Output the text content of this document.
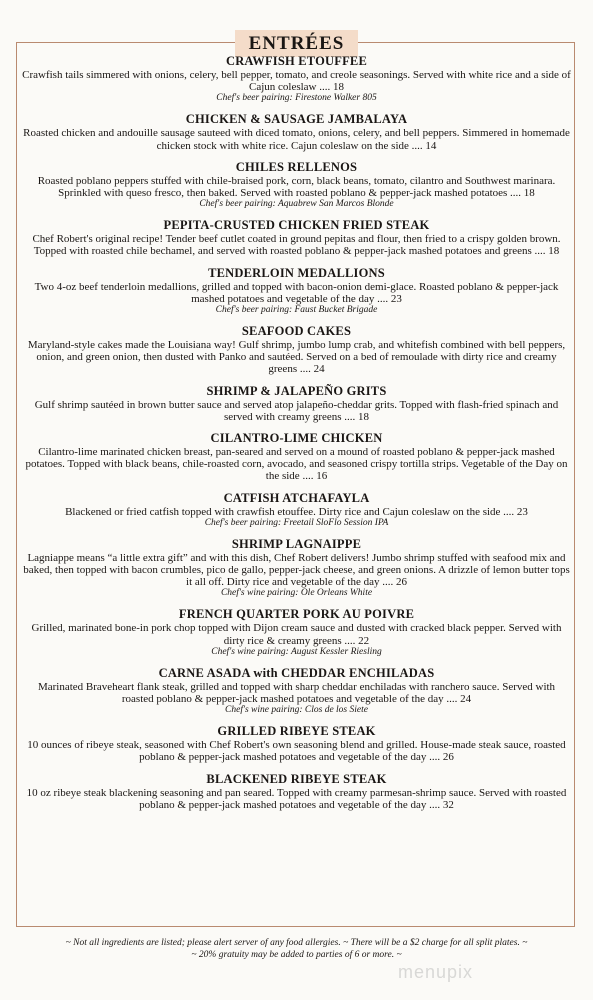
ENTRÉES
CRAWFISH ETOUFFEE
Crawfish tails simmered with onions, celery, bell pepper, tomato, and creole seasonings. Served with white rice and a side of Cajun coleslaw .... 18
Chef's beer pairing: Firestone Walker 805
CHICKEN & SAUSAGE JAMBALAYA
Roasted chicken and andouille sausage sauteed with diced tomato, onions, celery, and bell peppers. Simmered in homemade chicken stock with white rice. Cajun coleslaw on the side .... 14
CHILES RELLENOS
Roasted poblano peppers stuffed with chile-braised pork, corn, black beans, tomato, cilantro and Southwest marinara. Sprinkled with queso fresco, then baked. Served with roasted poblano & pepper-jack mashed potatoes .... 18
Chef's beer pairing: Aquabrew San Marcos Blonde
PEPITA-CRUSTED CHICKEN FRIED STEAK
Chef Robert's original recipe! Tender beef cutlet coated in ground pepitas and flour, then fried to a crispy golden brown. Topped with roasted chile bechamel, and served with roasted poblano & pepper-jack mashed potatoes and greens .... 18
TENDERLOIN MEDALLIONS
Two 4-oz beef tenderloin medallions, grilled and topped with bacon-onion demi-glace. Roasted poblano & pepper-jack mashed potatoes and vegetable of the day .... 23
Chef's beer pairing: Faust Bucket Brigade
SEAFOOD CAKES
Maryland-style cakes made the Louisiana way! Gulf shrimp, jumbo lump crab, and whitefish combined with bell peppers, onion, and green onion, then dusted with Panko and sautéed. Served on a bed of remoulade with dirty rice and creamy greens .... 24
SHRIMP & JALAPEÑO GRITS
Gulf shrimp sautéed in brown butter sauce and served atop jalapeño-cheddar grits. Topped with flash-fried spinach and served with creamy greens .... 18
CILANTRO-LIME CHICKEN
Cilantro-lime marinated chicken breast, pan-seared and served on a mound of roasted poblano & pepper-jack mashed potatoes. Topped with black beans, chile-roasted corn, avocado, and seasoned crispy tortilla strips. Vegetable of the Day on the side .... 16
CATFISH ATCHAFAYLA
Blackened or fried catfish topped with crawfish etouffee. Dirty rice and Cajun coleslaw on the side .... 23
Chef's beer pairing: Freetail SloFlo Session IPA
SHRIMP LAGNAIPPE
Lagniappe means “a little extra gift” and with this dish, Chef Robert delivers! Jumbo shrimp stuffed with seafood mix and baked, then topped with bacon crumbles, pico de gallo, pepper-jack cheese, and green onions. A drizzle of lemon butter tops it all off. Dirty rice and vegetable of the day .... 26
Chef's wine pairing: Ole Orleans White
FRENCH QUARTER PORK AU POIVRE
Grilled, marinated bone-in pork chop topped with Dijon cream sauce and dusted with cracked black pepper. Served with dirty rice & creamy greens .... 22
Chef's wine pairing: August Kessler Riesling
CARNE ASADA with CHEDDAR ENCHILADAS
Marinated Braveheart flank steak, grilled and topped with sharp cheddar enchiladas with ranchero sauce. Served with roasted poblano & pepper-jack mashed potatoes and vegetable of the day .... 24
Chef's wine pairing: Clos de los Siete
GRILLED RIBEYE STEAK
10 ounces of ribeye steak, seasoned with Chef Robert's own seasoning blend and grilled. House-made steak sauce, roasted poblano & pepper-jack mashed potatoes and vegetable of the day .... 26
BLACKENED RIBEYE STEAK
10 oz ribeye steak blackening seasoning and pan seared. Topped with creamy parmesan-shrimp sauce. Served with roasted poblano & pepper-jack mashed potatoes and vegetable of the day .... 32
~ Not all ingredients are listed; please alert server of any food allergies. ~ There will be a $2 charge for all split plates. ~
~ 20% gratuity may be added to parties of 6 or more. ~
menupix
